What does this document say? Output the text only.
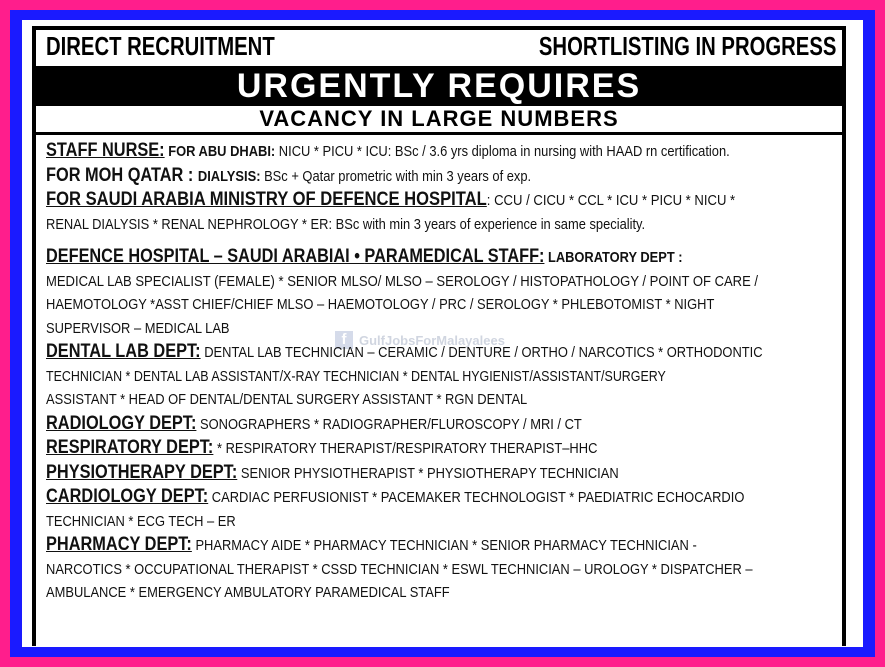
DIRECT RECRUITMENT	SHORTLISTING IN PROGRESS
URGENTLY REQUIRES
VACANCY IN LARGE NUMBERS
f GulfJobsForMalayalees
STAFF NURSE: FOR ABU DHABI: NICU * PICU * ICU: BSc / 3.6 yrs diploma in nursing with HAAD rn certification.
FOR MOH QATAR : DIALYSIS: BSc + Qatar prometric with min 3 years of exp.
FOR SAUDI ARABIA MINISTRY OF DEFENCE HOSPITAL: CCU / CICU * CCL * ICU * PICU * NICU *
RENAL DIALYSIS * RENAL NEPHROLOGY * ER: BSc with min 3 years of experience in same speciality.
DEFENCE HOSPITAL – SAUDI ARABIAI • PARAMEDICAL STAFF: LABORATORY DEPT :
MEDICAL LAB SPECIALIST (FEMALE) * SENIOR MLSO/ MLSO – SEROLOGY / HISTOPATHOLOGY / POINT OF CARE /
HAEMOTOLOGY *ASST CHIEF/CHIEF MLSO – HAEMOTOLOGY / PRC / SEROLOGY * PHLEBOTOMIST * NIGHT
SUPERVISOR – MEDICAL LAB
DENTAL LAB DEPT: DENTAL LAB TECHNICIAN – CERAMIC / DENTURE / ORTHO / NARCOTICS * ORTHODONTIC
TECHNICIAN * DENTAL LAB ASSISTANT/X-RAY TECHNICIAN * DENTAL HYGIENIST/ASSISTANT/SURGERY
ASSISTANT * HEAD OF DENTAL/DENTAL SURGERY ASSISTANT * RGN DENTAL
RADIOLOGY DEPT: SONOGRAPHERS * RADIOGRAPHER/FLUROSCOPY / MRI / CT
RESPIRATORY DEPT: * RESPIRATORY THERAPIST/RESPIRATORY THERAPIST–HHC
PHYSIOTHERAPY DEPT: SENIOR PHYSIOTHERAPIST * PHYSIOTHERAPY TECHNICIAN
CARDIOLOGY DEPT: CARDIAC PERFUSIONIST * PACEMAKER TECHNOLOGIST * PAEDIATRIC ECHOCARDIO
TECHNICIAN * ECG TECH – ER
PHARMACY DEPT: PHARMACY AIDE * PHARMACY TECHNICIAN * SENIOR PHARMACY TECHNICIAN -
NARCOTICS * OCCUPATIONAL THERAPIST * CSSD TECHNICIAN * ESWL TECHNICIAN – UROLOGY * DISPATCHER –
AMBULANCE * EMERGENCY AMBULATORY PARAMEDICAL STAFF
